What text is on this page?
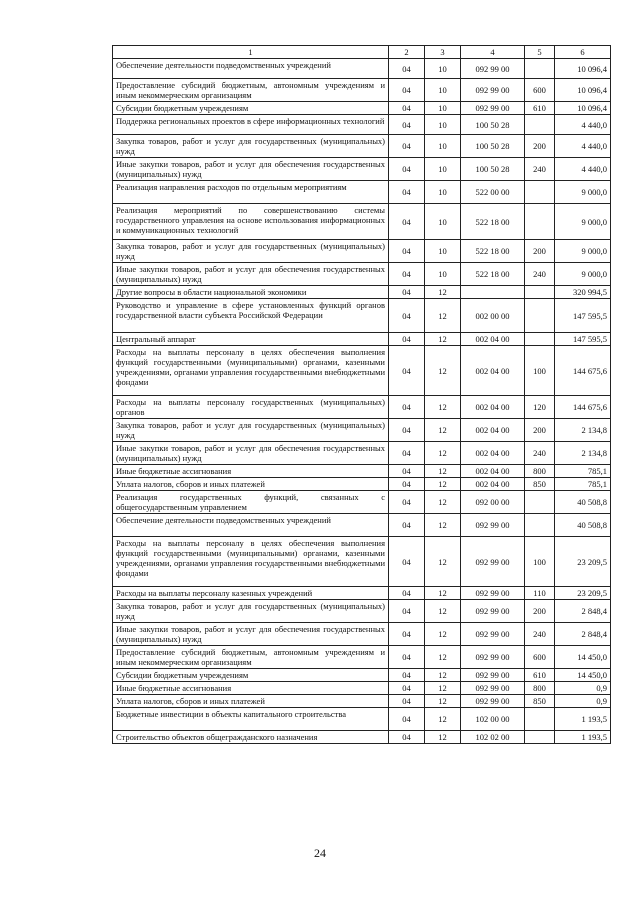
1	2	3	4	5	6
Обеспечение деятельности подведомственных учреждений	04	10	092 99 00		10 096,4
Предоставление субсидий бюджетным, автономным учреждениям и иным некоммерческим организациям	04	10	092 99 00	600	10 096,4
Субсидии бюджетным учреждениям	04	10	092 99 00	610	10 096,4
Поддержка региональных проектов в сфере информационных технологий	04	10	100 50 28		4 440,0
Закупка товаров, работ и услуг для государственных (муниципальных) нужд	04	10	100 50 28	200	4 440,0
Иные закупки товаров, работ и услуг для обеспечения государственных (муниципальных) нужд	04	10	100 50 28	240	4 440,0
Реализация направления расходов по отдельным мероприятиям	04	10	522 00 00		9 000,0
Реализация мероприятий по совершенствованию системы государственного управления на основе использования информационных и коммуникационных технологий	04	10	522 18 00		9 000,0
Закупка товаров, работ и услуг для государственных (муниципальных) нужд	04	10	522 18 00	200	9 000,0
Иные закупки товаров, работ и услуг для обеспечения государственных (муниципальных) нужд	04	10	522 18 00	240	9 000,0
Другие вопросы в области национальной экономики	04	12			320 994,5
Руководство и управление в сфере установленных функций органов государственной власти субъекта Российской Федерации	04	12	002 00 00		147 595,5
Центральный аппарат	04	12	002 04 00		147 595,5
Расходы на выплаты персоналу в целях обеспечения выполнения функций государственными (муниципальными) органами, казенными учреждениями, органами управления государственными внебюджетными фондами	04	12	002 04 00	100	144 675,6
Расходы на выплаты персоналу государственных (муниципальных) органов	04	12	002 04 00	120	144 675,6
Закупка товаров, работ и услуг для государственных (муниципальных) нужд	04	12	002 04 00	200	2 134,8
Иные закупки товаров, работ и услуг для обеспечения государственных (муниципальных) нужд	04	12	002 04 00	240	2 134,8
Иные бюджетные ассигнования	04	12	002 04 00	800	785,1
Уплата налогов, сборов и иных платежей	04	12	002 04 00	850	785,1
Реализация государственных функций, связанных с общегосударственным управлением	04	12	092 00 00		40 508,8
Обеспечение деятельности подведомственных учреждений	04	12	092 99 00		40 508,8
Расходы на выплаты персоналу в целях обеспечения выполнения функций государственными (муниципальными) органами, казенными учреждениями, органами управления государственными внебюджетными фондами	04	12	092 99 00	100	23 209,5
Расходы на выплаты персоналу казенных учреждений	04	12	092 99 00	110	23 209,5
Закупка товаров, работ и услуг для государственных (муниципальных) нужд	04	12	092 99 00	200	2 848,4
Иные закупки товаров, работ и услуг для обеспечения государственных (муниципальных) нужд	04	12	092 99 00	240	2 848,4
Предоставление субсидий бюджетным, автономным учреждениям и иным некоммерческим организациям	04	12	092 99 00	600	14 450,0
Субсидии бюджетным учреждениям	04	12	092 99 00	610	14 450,0
Иные бюджетные ассигнования	04	12	092 99 00	800	0,9
Уплата налогов, сборов и иных платежей	04	12	092 99 00	850	0,9
Бюджетные инвестиции в объекты капитального строительства	04	12	102 00 00		1 193,5
Строительство объектов общегражданского назначения	04	12	102 02 00		1 193,5
24
